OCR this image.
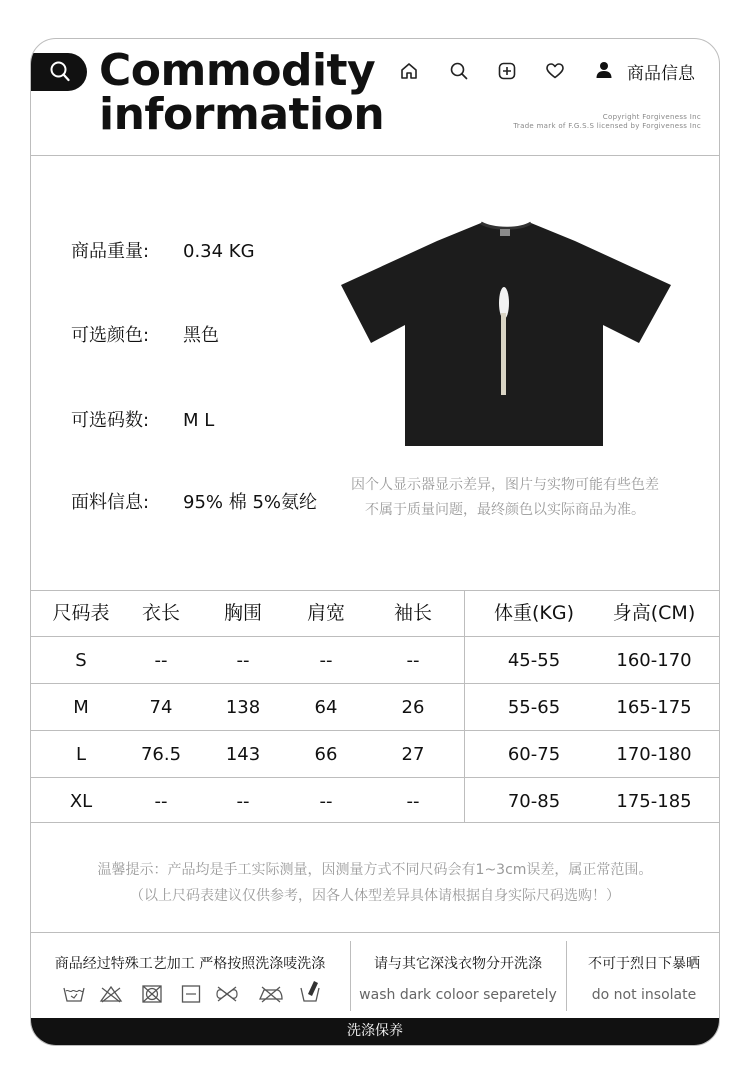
Commodity
information
商品信息
Copyright Forgiveness Inc
Trade mark of F.G.S.S licensed by Forgiveness Inc
商品重量: 0.34 KG
可选颜色: 黑色
可选码数: M L
面料信息: 95% 棉 5%氨纶
因个人显示器显示差异，图片与实物可能有些色差
不属于质量问题，最终颜色以实际商品为准。
尺码表	衣长	胸围	肩宽	袖长	体重(KG)	身高(CM)
S	--	--	--	--	45-55	160-170
M	74	138	64	26	55-65	165-175
L	76.5	143	66	27	60-75	170-180
XL	--	--	--	--	70-85	175-185
温馨提示：产品均是手工实际测量，因测量方式不同尺码会有1~3cm误差，属正常范围。
（以上尺码表建议仅供参考，因各人体型差异具体请根据自身实际尺码选购！）
商品经过特殊工艺加工 严格按照洗涤唛洗涤	请与其它深浅衣物分开洗涤
wash dark coloor separetely
不可于烈日下暴晒
do not insolate
洗涤保养
